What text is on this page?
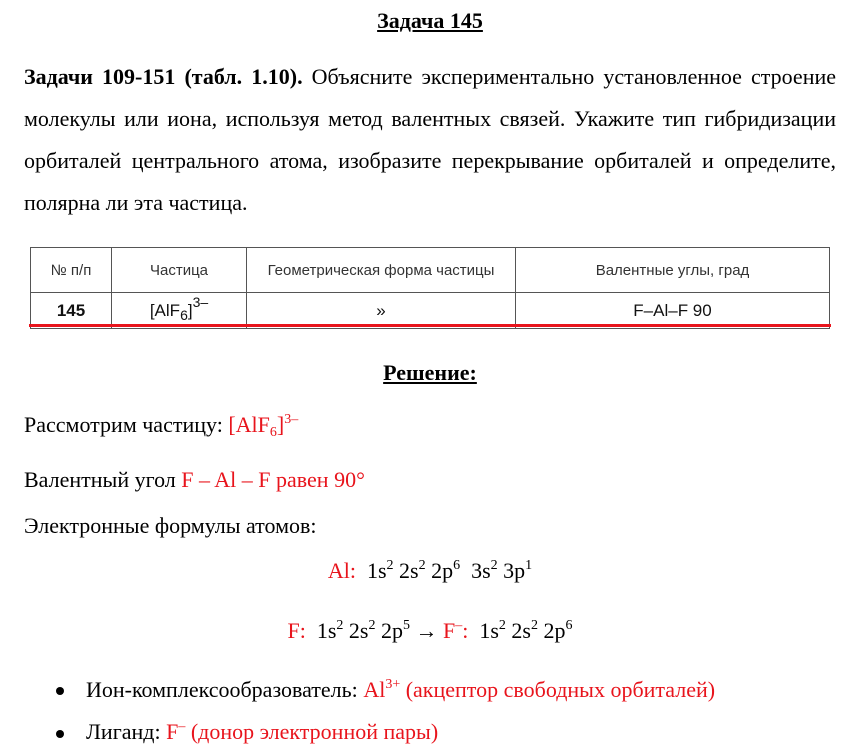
Задача 145
Задачи 109-151 (табл. 1.10). Объясните экспериментально установленное строение молекулы или иона, используя метод валентных связей. Укажите тип гибридизации орбиталей центрального атома, изобразите перекрывание орбиталей и определите, полярна ли эта частица.
№ п/п	Частица	Геометрическая форма частицы	Валентные углы, град
145	$[AlF_6]^{3-}$	»	F–Al–F 90
Решение:
Рассмотрим частицу: $[AlF_6]^{3-}$
Валентный угол F – Al – F равен 90°
Электронные формулы атомов:
Al: $1s^2$ $2s^2$ $2p^6$ $3s^2$ $3p^1$
F: $1s^2$ $2s^2$ $2p^5 \to F^-$: $1s^2$ $2s^2$ $2p^6$
Ион-комплексообразователь: $Al^{3+}$ (акцептор свободных орбиталей)
Лиганд: F– (донор электронной пары)
